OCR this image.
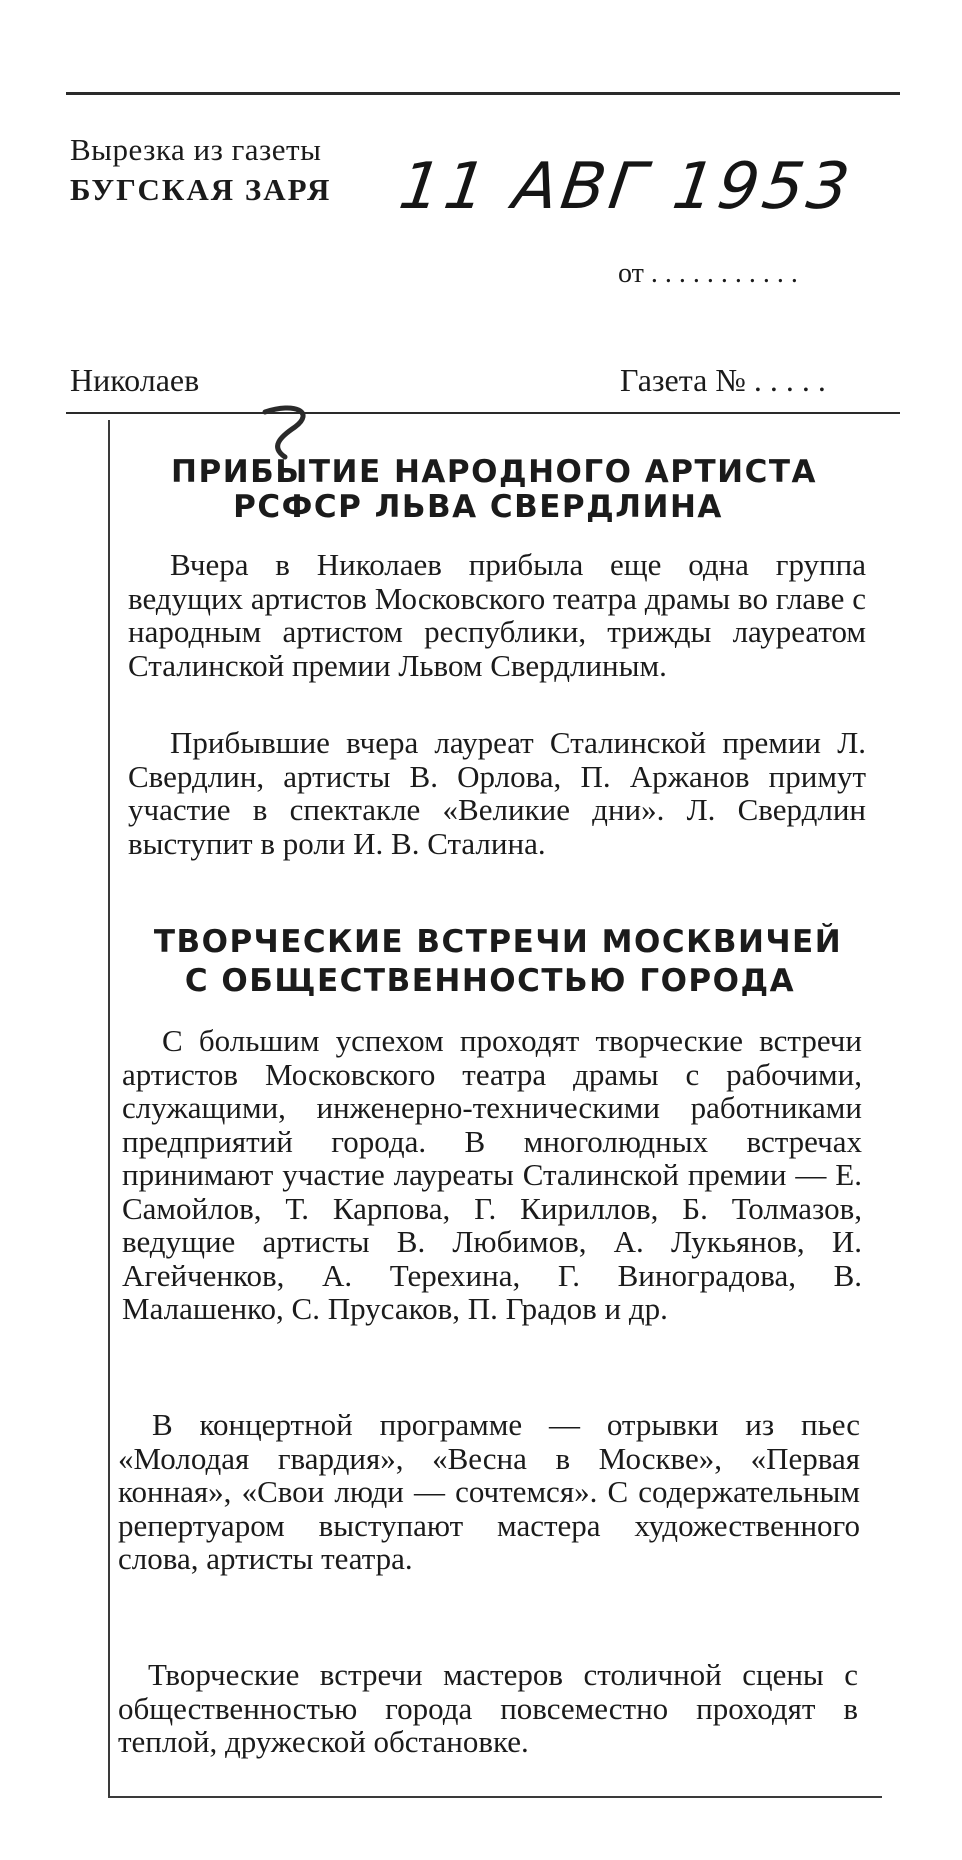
Вырезка из газеты
БУГСКАЯ ЗАРЯ 11 АВГ 1953
от . . . . . . . . . . .
Николаев	Газета № . . . . .
ПРИБЫТИЕ НАРОДНОГО АРТИСТА
РСФСР ЛЬВА СВЕРДЛИНА
Вчера в Николаев прибыла еще одна группа ведущих артистов Московского театра драмы во главе с народным артистом республики, трижды лауреатом Сталинской премии Львом Свердлиным.
Прибывшие вчера лауреат Сталинской премии Л. Свердлин, артисты В. Орлова, П. Аржанов примут участие в спектакле «Великие дни». Л. Свердлин выступит в роли И. В. Сталина.
ТВОРЧЕСКИЕ ВСТРЕЧИ МОСКВИЧЕЙ
С ОБЩЕСТВЕННОСТЬЮ ГОРОДА
С большим успехом проходят творческие встречи артистов Московского театра драмы с рабочими, служащими, инженерно-техническими работниками предприятий города. В многолюдных встречах принимают участие лауреаты Сталинской премии — Е. Самойлов, Т. Карпова, Г. Кириллов, Б. Толмазов, ведущие артисты В. Любимов, А. Лукьянов, И. Агейченков, А. Терехина, Г. Виноградова, В. Малашенко, С. Прусаков, П. Градов и др.
В концертной программе — отрывки из пьес «Молодая гвардия», «Весна в Москве», «Первая конная», «Свои люди — сочтемся». С содержательным репертуаром выступают мастера художественного слова, артисты театра.
Творческие встречи мастеров столичной сцены с общественностью города повсеместно проходят в теплой, дружеской обстановке.
